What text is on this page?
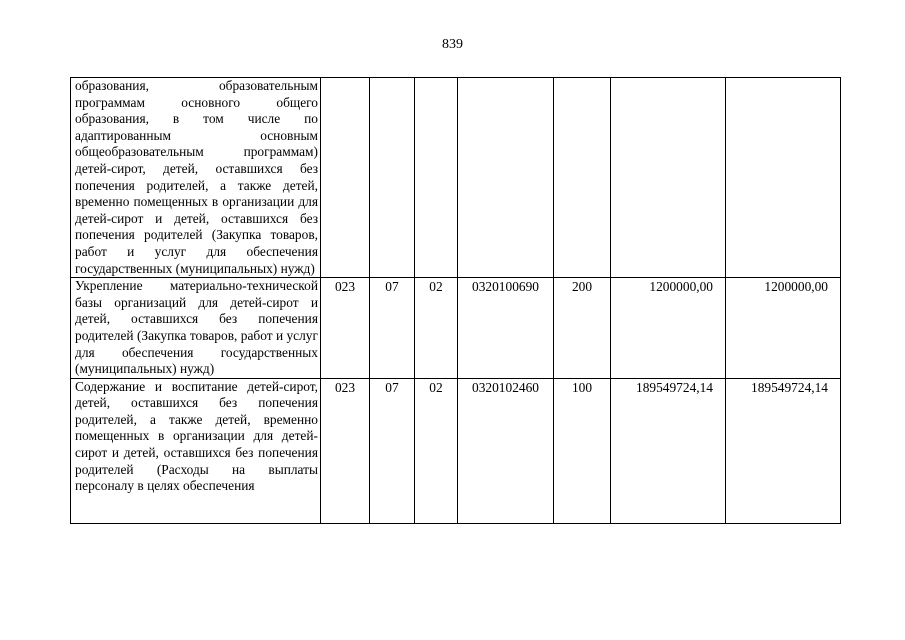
839
образования, образовательным программам основного общего образования, в том числе по адаптированным основным общеобразовательным программам) детей-сирот, детей, оставшихся без попечения родителей, а также детей, временно помещенных в организации для детей-сирот и детей, оставшихся без попечения родителей (Закупка товаров, работ и услуг для обеспечения государственных (муниципальных) нужд)							
Укрепление материально-технической базы организаций для детей-сирот и детей, оставшихся без попечения родителей (Закупка товаров, работ и услуг для обеспечения государственных (муниципальных) нужд)	023	07	02	0320100690	200	1200000,00	1200000,00

Содержание и воспитание детей-сирот, детей, оставшихся без попечения родителей, а также детей, временно помещенных в организации для детей-сирот и детей, оставшихся без попечения родителей (Расходы на выплаты персоналу в целях обеспечения	023	07	02	0320102460	100	189549724,14	189549724,14
